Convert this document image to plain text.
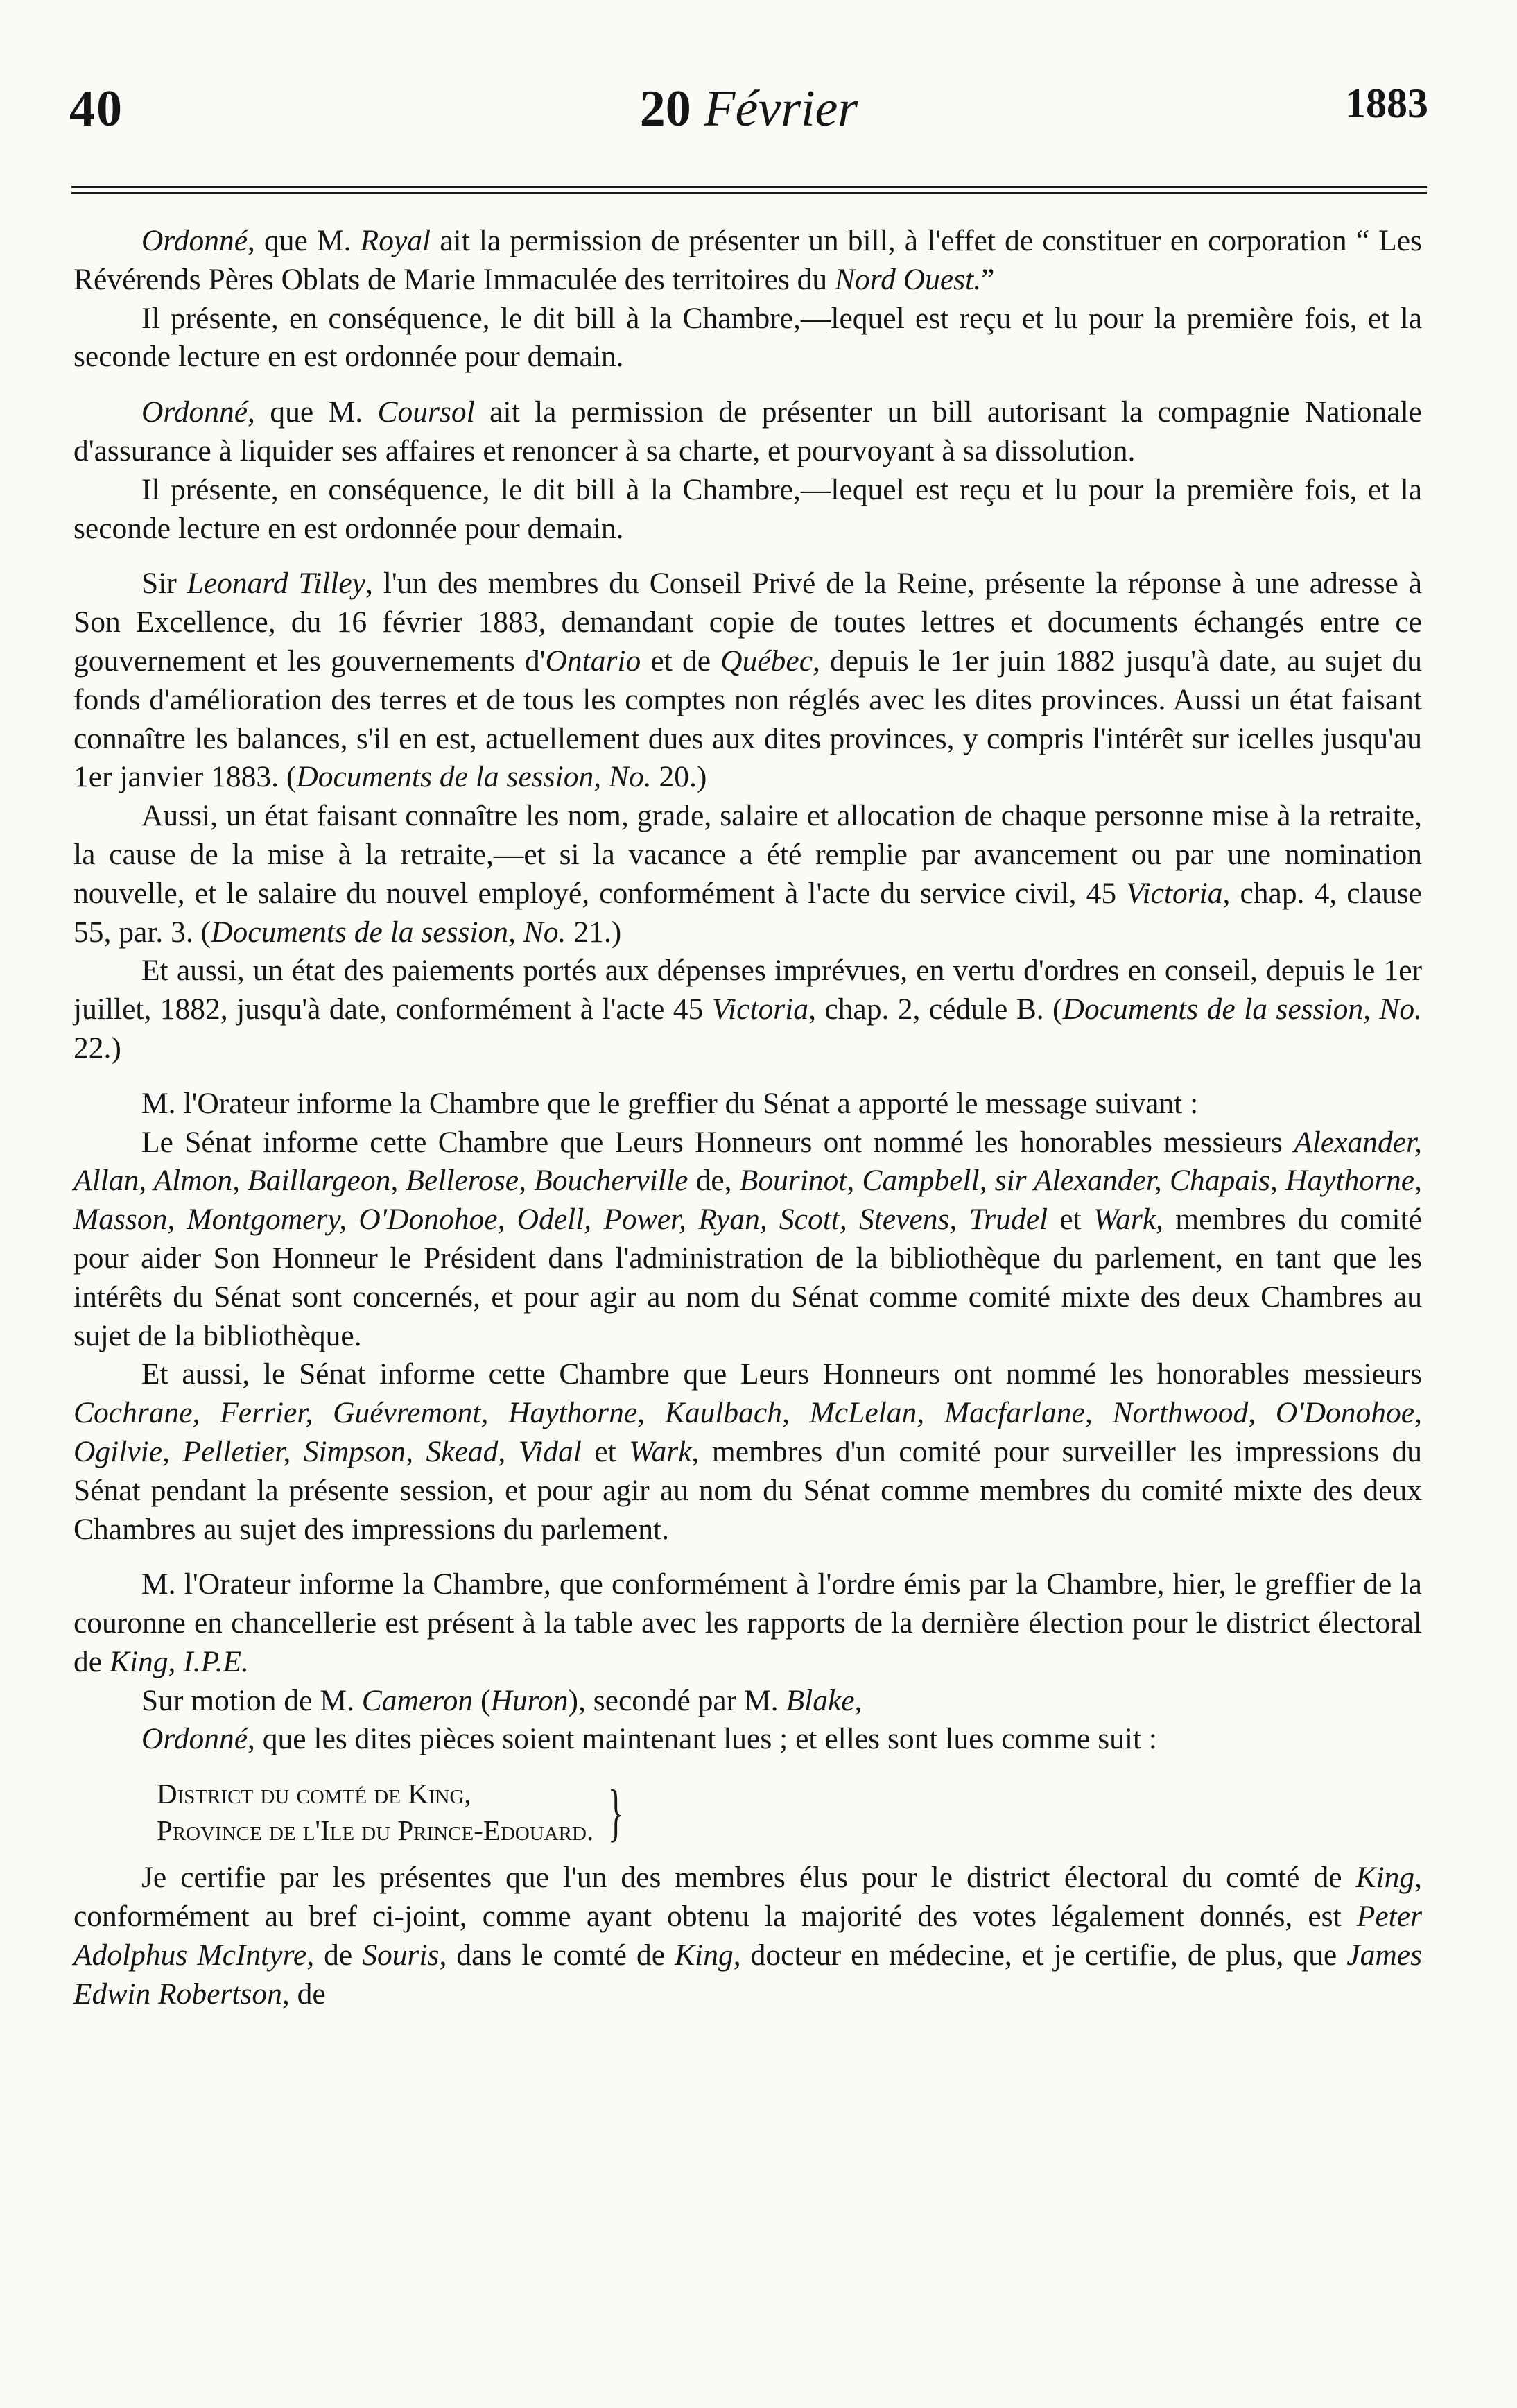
40	20 Février	1883

Ordonné, que M. Royal ait la permission de présenter un bill, à l'effet de constituer en corporation “ Les Révérends Pères Oblats de Marie Immaculée des territoires du Nord Ouest.”

Il présente, en conséquence, le dit bill à la Chambre,—lequel est reçu et lu pour la première fois, et la seconde lecture en est ordonnée pour demain.

Ordonné, que M. Coursol ait la permission de présenter un bill autorisant la compagnie Nationale d'assurance à liquider ses affaires et renoncer à sa charte, et pourvoyant à sa dissolution.

Il présente, en conséquence, le dit bill à la Chambre,—lequel est reçu et lu pour la première fois, et la seconde lecture en est ordonnée pour demain.

Sir Leonard Tilley, l'un des membres du Conseil Privé de la Reine, présente la réponse à une adresse à Son Excellence, du 16 février 1883, demandant copie de toutes lettres et documents échangés entre ce gouvernement et les gouvernements d'Ontario et de Québec, depuis le 1er juin 1882 jusqu'à date, au sujet du fonds d'amélioration des terres et de tous les comptes non réglés avec les dites provinces. Aussi un état faisant connaître les balances, s'il en est, actuellement dues aux dites provinces, y compris l'intérêt sur icelles jusqu'au 1er janvier 1883. (Documents de la session, No. 20.)

Aussi, un état faisant connaître les nom, grade, salaire et allocation de chaque personne mise à la retraite, la cause de la mise à la retraite,—et si la vacance a été remplie par avancement ou par une nomination nouvelle, et le salaire du nouvel employé, conformément à l'acte du service civil, 45 Victoria, chap. 4, clause 55, par. 3. (Documents de la session, No. 21.)

Et aussi, un état des paiements portés aux dépenses imprévues, en vertu d'ordres en conseil, depuis le 1er juillet, 1882, jusqu'à date, conformément à l'acte 45 Victoria, chap. 2, cédule B. (Documents de la session, No. 22.)

M. l'Orateur informe la Chambre que le greffier du Sénat a apporté le message suivant :

Le Sénat informe cette Chambre que Leurs Honneurs ont nommé les honorables messieurs Alexander, Allan, Almon, Baillargeon, Bellerose, Boucherville de, Bourinot, Campbell, sir Alexander, Chapais, Haythorne, Masson, Montgomery, O'Donohoe, Odell, Power, Ryan, Scott, Stevens, Trudel et Wark, membres du comité pour aider Son Honneur le Président dans l'administration de la bibliothèque du parlement, en tant que les intérêts du Sénat sont concernés, et pour agir au nom du Sénat comme comité mixte des deux Chambres au sujet de la bibliothèque.

Et aussi, le Sénat informe cette Chambre que Leurs Honneurs ont nommé les honorables messieurs Cochrane, Ferrier, Guévremont, Haythorne, Kaulbach, McLelan, Macfarlane, Northwood, O'Donohoe, Ogilvie, Pelletier, Simpson, Skead, Vidal et Wark, membres d'un comité pour surveiller les impressions du Sénat pendant la présente session, et pour agir au nom du Sénat comme membres du comité mixte des deux Chambres au sujet des impressions du parlement.

M. l'Orateur informe la Chambre, que conformément à l'ordre émis par la Chambre, hier, le greffier de la couronne en chancellerie est présent à la table avec les rapports de la dernière élection pour le district électoral de King, I.P.E.

Sur motion de M. Cameron (Huron), secondé par M. Blake,

Ordonné, que les dites pièces soient maintenant lues ; et elles sont lues comme suit :

District du comté de King,
Province de l'Ile du Prince-Edouard. }

Je certifie par les présentes que l'un des membres élus pour le district électoral du comté de King, conformément au bref ci-joint, comme ayant obtenu la majorité des votes légalement donnés, est Peter Adolphus McIntyre, de Souris, dans le comté de King, docteur en médecine, et je certifie, de plus, que James Edwin Robertson, de
